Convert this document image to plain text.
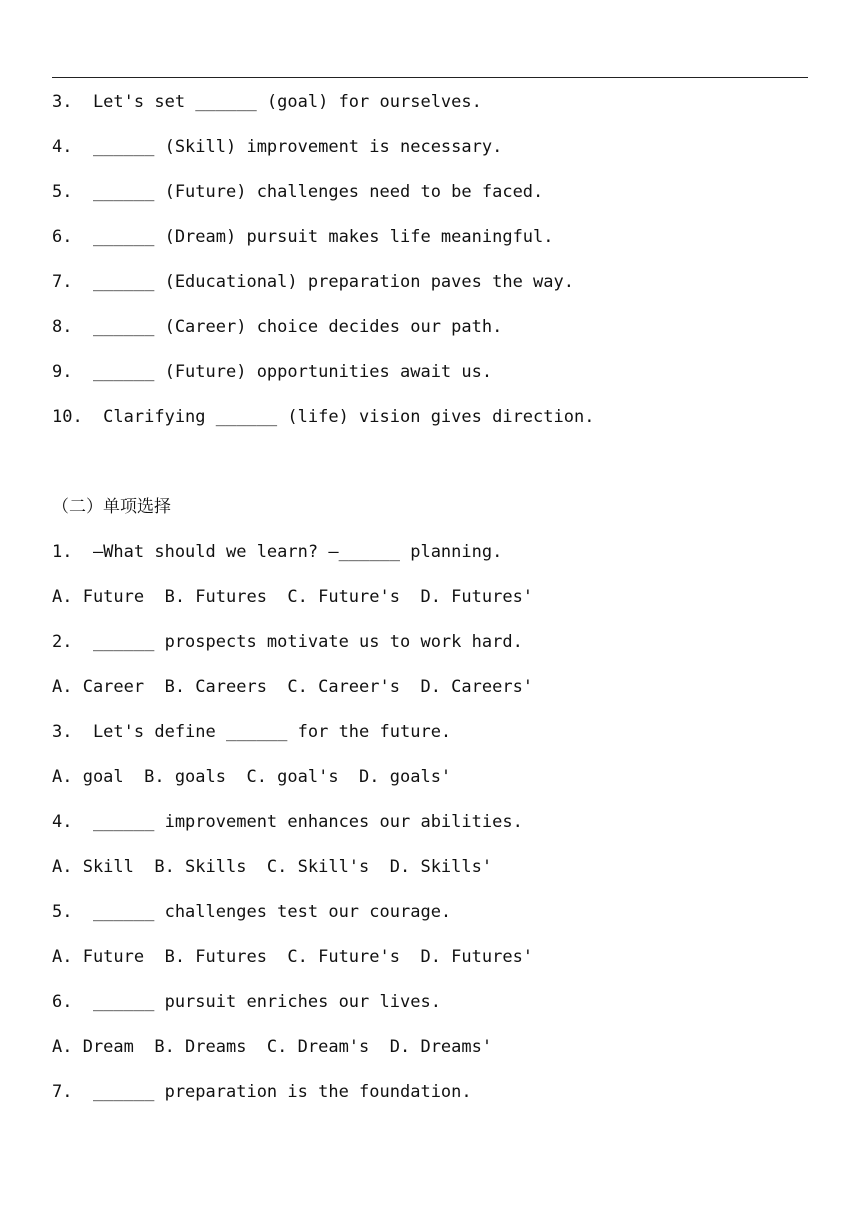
3.  Let's set ______ (goal) for ourselves.
4.  ______ (Skill) improvement is necessary.
5.  ______ (Future) challenges need to be faced.
6.  ______ (Dream) pursuit makes life meaningful.
7.  ______ (Educational) preparation paves the way.
8.  ______ (Career) choice decides our path.
9.  ______ (Future) opportunities await us.
10.  Clarifying ______ (life) vision gives direction.
（二）单项选择
1.  —What should we learn? —______ planning.
A. Future  B. Futures  C. Future's  D. Futures'
2.  ______ prospects motivate us to work hard.
A. Career  B. Careers  C. Career's  D. Careers'
3.  Let's define ______ for the future.
A. goal  B. goals  C. goal's  D. goals'
4.  ______ improvement enhances our abilities.
A. Skill  B. Skills  C. Skill's  D. Skills'
5.  ______ challenges test our courage.
A. Future  B. Futures  C. Future's  D. Futures'
6.  ______ pursuit enriches our lives.
A. Dream  B. Dreams  C. Dream's  D. Dreams'
7.  ______ preparation is the foundation.
